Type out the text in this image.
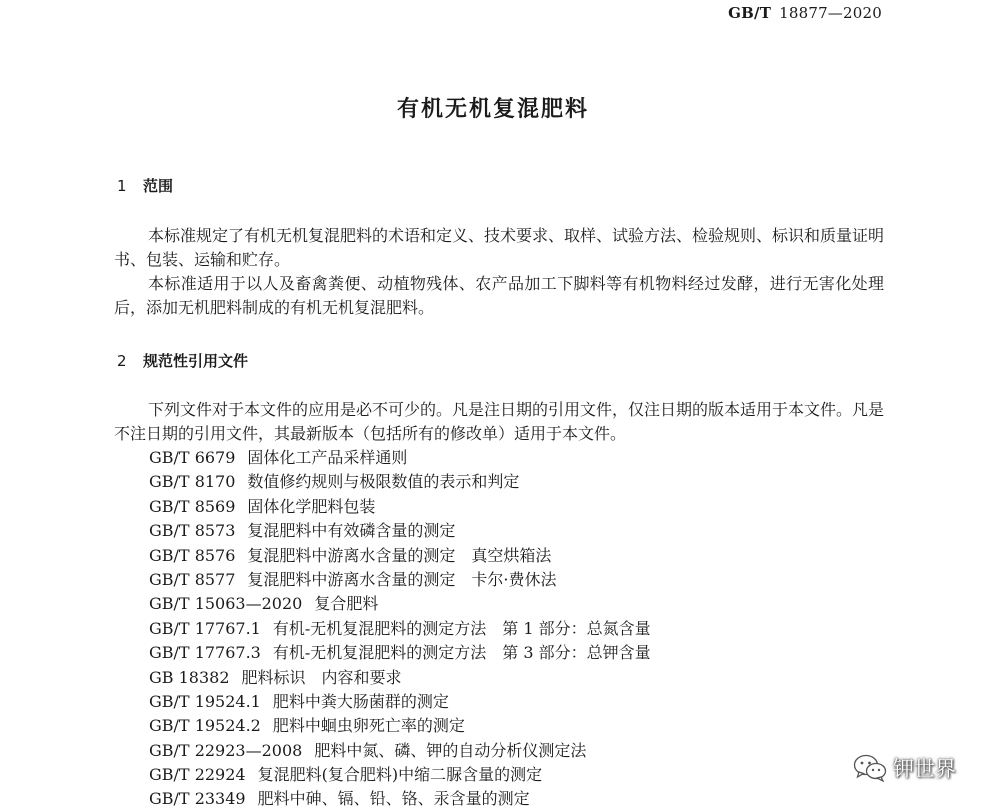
GB/T 18877—2020
有机无机复混肥料
1 范围

本标准规定了有机无机复混肥料的术语和定义、技术要求、取样、试验方法、检验规则、标识和质量证明书、包装、运输和贮存。

本标准适用于以人及畜禽粪便、动植物残体、农产品加工下脚料等有机物料经过发酵，进行无害化处理后，添加无机肥料制成的有机无机复混肥料。

2 规范性引用文件

下列文件对于本文件的应用是必不可少的。凡是注日期的引用文件，仅注日期的版本适用于本文件。凡是不注日期的引用文件，其最新版本（包括所有的修改单）适用于本文件。

GB/T 6679 固体化工产品采样通则
GB/T 8170 数值修约规则与极限数值的表示和判定
GB/T 8569 固体化学肥料包装
GB/T 8573 复混肥料中有效磷含量的测定
GB/T 8576 复混肥料中游离水含量的测定　真空烘箱法
GB/T 8577 复混肥料中游离水含量的测定　卡尔·费休法
GB/T 15063—2020 复合肥料
GB/T 17767.1 有机-无机复混肥料的测定方法　第 1 部分：总氮含量
GB/T 17767.3 有机-无机复混肥料的测定方法　第 3 部分：总钾含量
GB 18382 肥料标识　内容和要求
GB/T 19524.1 肥料中粪大肠菌群的测定
GB/T 19524.2 肥料中蛔虫卵死亡率的测定
GB/T 22923—2008 肥料中氮、磷、钾的自动分析仪测定法
GB/T 22924 复混肥料(复合肥料)中缩二脲含量的测定
GB/T 23349 肥料中砷、镉、铅、铬、汞含量的测定
钾世界
